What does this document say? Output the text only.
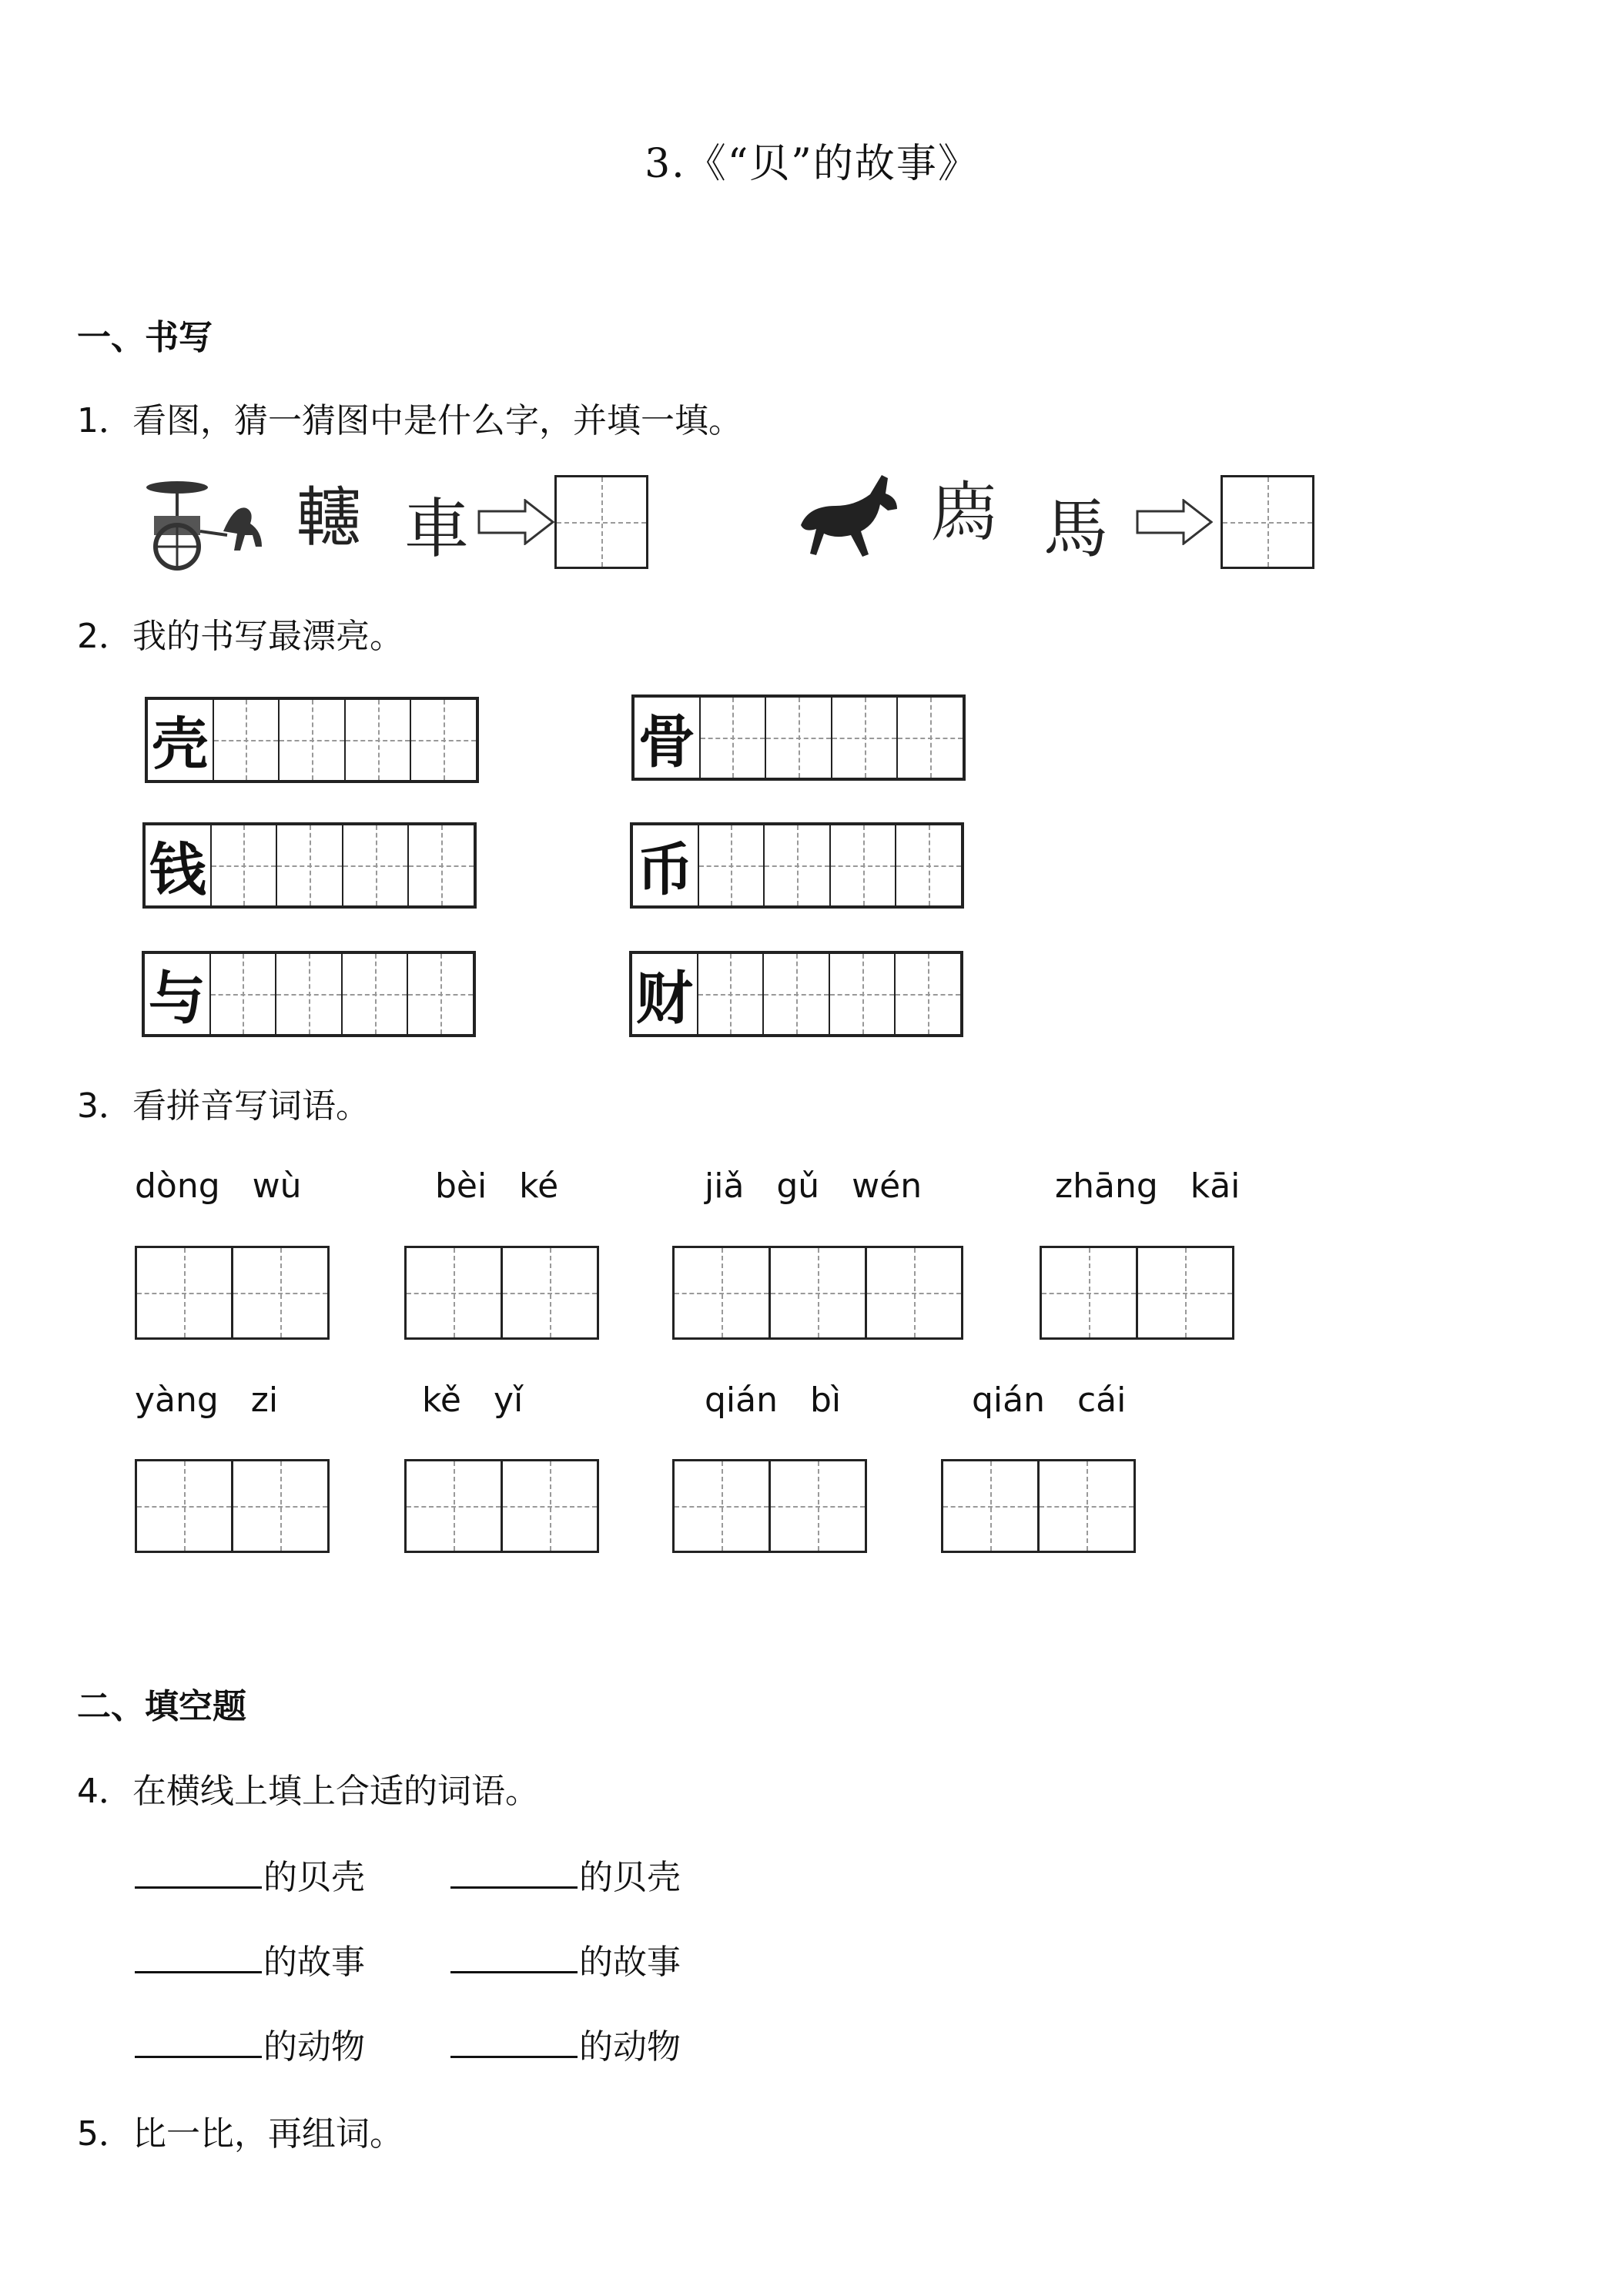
3.《“贝”的故事》
一、书写
1．看图，猜一猜图中是什么字，并填一填。
𨏥 車	𢊁 馬
2．我的书写最漂亮。
壳	骨
钱	币
与	财
3．看拼音写词语。
dòng   wù	bèi   ké	jiǎ   gǔ   wén	zhāng   kāi
yàng   zi	kě   yǐ	qián   bì	qián   cái
二、填空题
4．在横线上填上合适的词语。
的贝壳	的贝壳
的故事	的故事
的动物	的动物
5．比一比，再组词。
